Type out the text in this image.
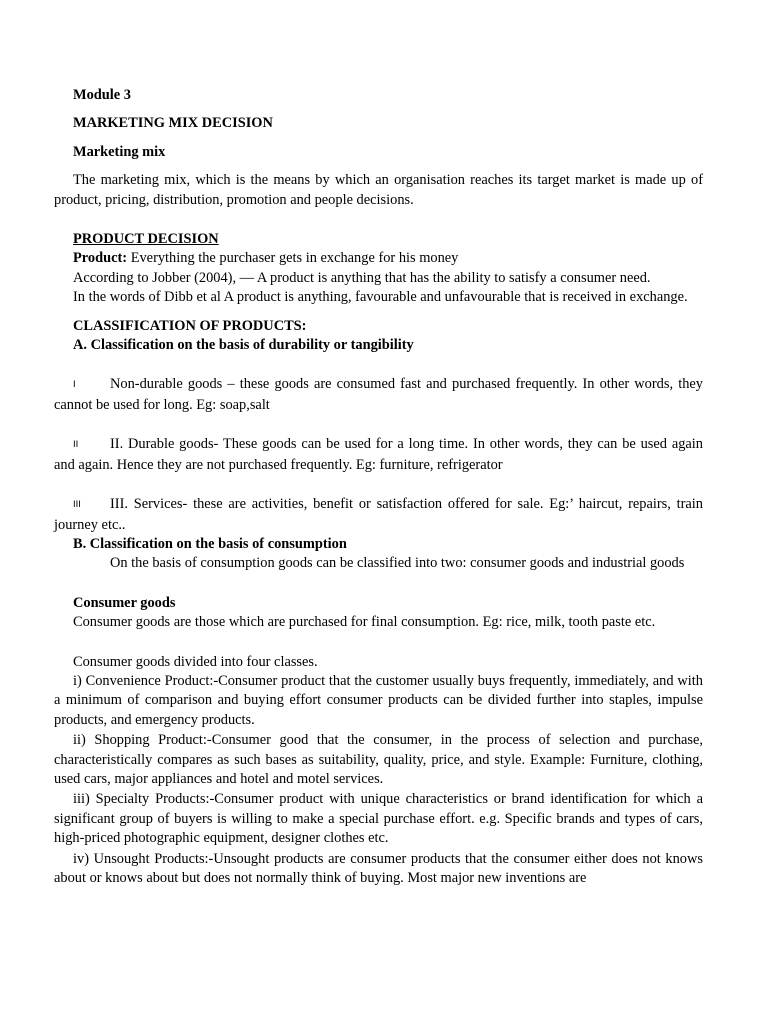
Module 3

MARKETING MIX DECISION

Marketing mix

The marketing mix, which is the means by which an organisation reaches its target market is made up of product, pricing, distribution, promotion and people decisions.

PRODUCT DECISION

Product: Everything the purchaser gets in exchange for his money

According to Jobber (2004), — A product is anything that has the ability to satisfy a consumer need.

In the words of Dibb et al A product is anything, favourable and unfavourable that is received in exchange.

CLASSIFICATION OF PRODUCTS:

A. Classification on the basis of durability or tangibility

I Non-durable goods – these goods are consumed fast and purchased frequently. In other words, they cannot be used for long. Eg: soap,salt

II II. Durable goods- These goods can be used for a long time. In other words, they can be used again and again. Hence they are not purchased frequently. Eg: furniture, refrigerator

III III. Services- these are activities, benefit or satisfaction offered for sale. Eg:’ haircut, repairs, train journey etc..

B. Classification on the basis of consumption

On the basis of consumption goods can be classified into two: consumer goods and industrial goods

Consumer goods

Consumer goods are those which are purchased for final consumption. Eg: rice, milk, tooth paste etc.

Consumer goods divided into four classes.

i) Convenience Product:-Consumer product that the customer usually buys frequently, immediately, and with a minimum of comparison and buying effort consumer products can be divided further into staples, impulse products, and emergency products.

ii) Shopping Product:-Consumer good that the consumer, in the process of selection and purchase, characteristically compares as such bases as suitability, quality, price, and style. Example: Furniture, clothing, used cars, major appliances and hotel and motel services.

iii) Specialty Products:-Consumer product with unique characteristics or brand identification for which a significant group of buyers is willing to make a special purchase effort. e.g. Specific brands and types of cars, high-priced photographic equipment, designer clothes etc.

iv) Unsought Products:-Unsought products are consumer products that the consumer either does not knows about or knows about but does not normally think of buying. Most major new inventions are
